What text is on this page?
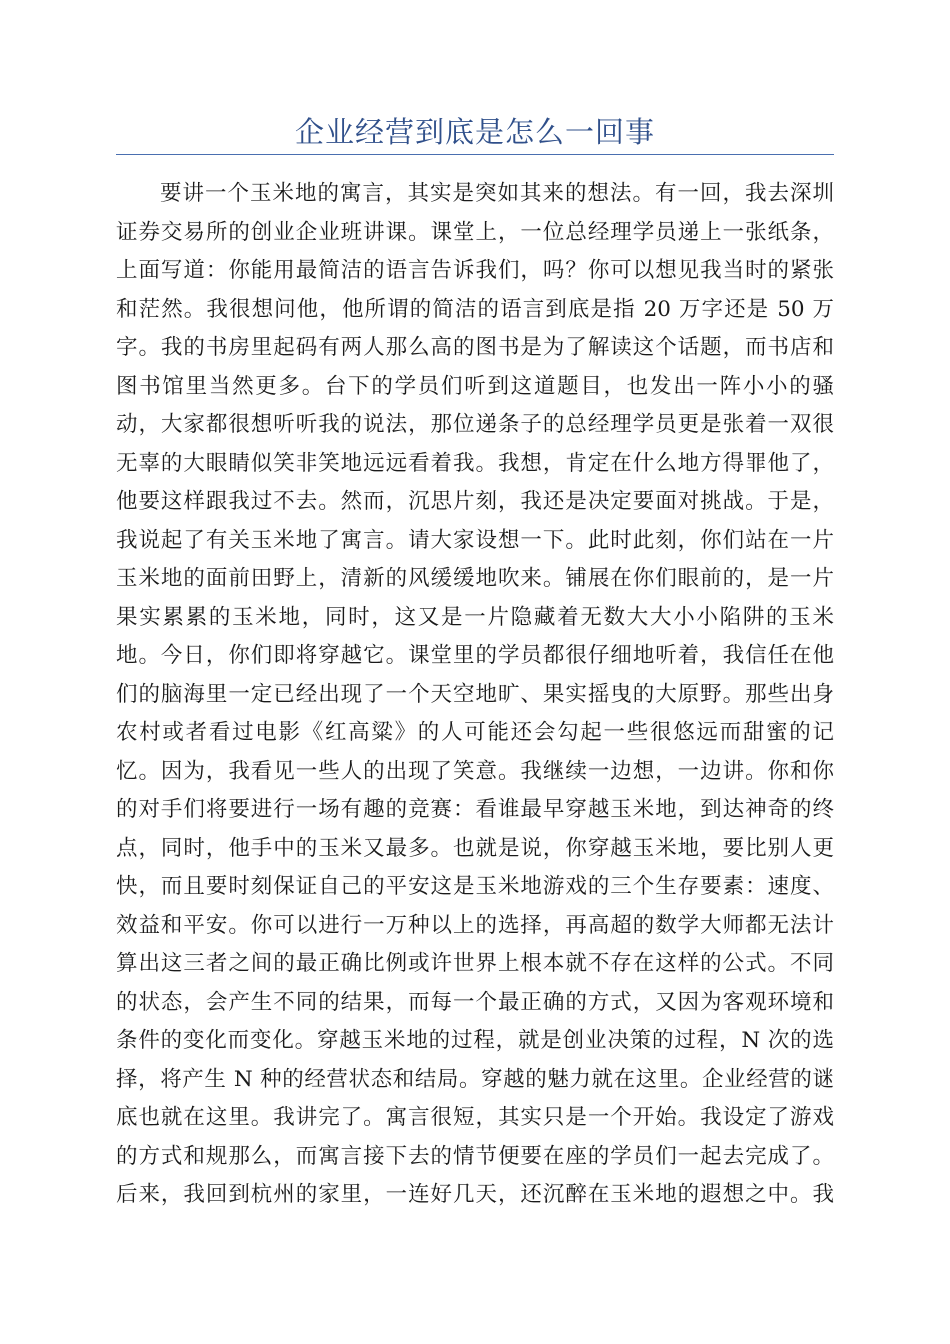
企业经营到底是怎么一回事
要讲一个玉米地的寓言，其实是突如其来的想法。有一回，我去深圳
证券交易所的创业企业班讲课。课堂上，一位总经理学员递上一张纸条，
上面写道：你能用最简洁的语言告诉我们，吗？你可以想见我当时的紧张
和茫然。我很想问他，他所谓的简洁的语言到底是指 20 万字还是 50 万
字。我的书房里起码有两人那么高的图书是为了解读这个话题，而书店和
图书馆里当然更多。台下的学员们听到这道题目，也发出一阵小小的骚
动，大家都很想听听我的说法，那位递条子的总经理学员更是张着一双很
无辜的大眼睛似笑非笑地远远看着我。我想，肯定在什么地方得罪他了，
他要这样跟我过不去。然而，沉思片刻，我还是决定要面对挑战。于是，
我说起了有关玉米地了寓言。请大家设想一下。此时此刻，你们站在一片
玉米地的面前田野上，清新的风缓缓地吹来。铺展在你们眼前的，是一片
果实累累的玉米地，同时，这又是一片隐藏着无数大大小小陷阱的玉米
地。今日，你们即将穿越它。课堂里的学员都很仔细地听着，我信任在他
们的脑海里一定已经出现了一个天空地旷、果实摇曳的大原野。那些出身
农村或者看过电影《红高粱》的人可能还会勾起一些很悠远而甜蜜的记
忆。因为，我看见一些人的出现了笑意。我继续一边想，一边讲。你和你
的对手们将要进行一场有趣的竞赛：看谁最早穿越玉米地，到达神奇的终
点，同时，他手中的玉米又最多。也就是说，你穿越玉米地，要比别人更
快，而且要时刻保证自己的平安这是玉米地游戏的三个生存要素：速度、
效益和平安。你可以进行一万种以上的选择，再高超的数学大师都无法计
算出这三者之间的最正确比例或许世界上根本就不存在这样的公式。不同
的状态，会产生不同的结果，而每一个最正确的方式，又因为客观环境和
条件的变化而变化。穿越玉米地的过程，就是创业决策的过程，N 次的选
择，将产生 N 种的经营状态和结局。穿越的魅力就在这里。企业经营的谜
底也就在这里。我讲完了。寓言很短，其实只是一个开始。我设定了游戏
的方式和规那么，而寓言接下去的情节便要在座的学员们一起去完成了。
后来，我回到杭州的家里，一连好几天，还沉醉在玉米地的遐想之中。我
